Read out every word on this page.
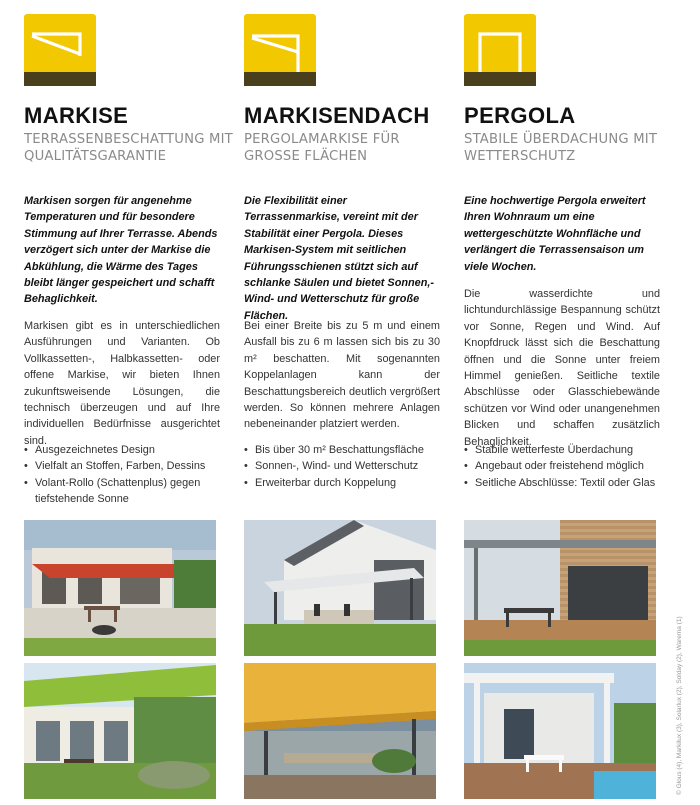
MARKISE
TERRASSENBESCHATTUNG MIT QUALITÄTSGARANTIE

Markisen sorgen für angenehme Temperaturen und für besondere Stimmung auf Ihrer Terrasse. Abends verzögert sich unter der Markise die Abkühlung, die Wärme des Tages bleibt länger gespeichert und schafft Behaglichkeit.

Markisen gibt es in unterschiedlichen Ausführungen und Varianten. Ob Vollkassetten-, Halbkassetten- oder offene Markise, wir bieten Ihnen zukunftsweisende Lösungen, die technisch überzeugen und auf Ihre individuellen Bedürfnisse ausgerichtet sind.

• Ausgezeichnetes Design
• Vielfalt an Stoffen, Farben, Dessins
• Volant-Rollo (Schattenplus) gegen tiefstehende Sonne
MARKISENDACH
PERGOLAMARKISE FÜR GROSSE FLÄCHEN

Die Flexibilität einer Terrassenmarkise, vereint mit der Stabilität einer Pergola. Dieses Markisen-System mit seitlichen Führungsschienen stützt sich auf schlanke Säulen und bietet Sonnen,- Wind- und Wetterschutz für große Flächen.

Bei einer Breite bis zu 5 m und einem Ausfall bis zu 6 m lassen sich bis zu 30 m² beschatten. Mit sogenannten Koppelanlagen kann der Beschattungsbereich deutlich vergrößert werden. So können mehrere Anlagen nebeneinander platziert werden.

• Bis über 30 m² Beschattungsfläche
• Sonnen-, Wind- und Wetterschutz
• Erweiterbar durch Koppelung
PERGOLA
STABILE ÜBERDACHUNG MIT WETTERSCHUTZ

Eine hochwertige Pergola erweitert Ihren Wohnraum um eine wettergeschützte Wohnfläche und verlängert die Terrassensaison um viele Wochen.

Die wasserdichte und lichtundurchlässige Bespannung schützt vor Sonne, Regen und Wind. Auf Knopfdruck lässt sich die Beschattung öffnen und die Sonne unter freiem Himmel genießen. Seitliche textile Abschlüsse oder Glasschiebewände schützen vor Wind oder unangenehmen Blicken und schaffen zusätzlich Behaglichkeit.

• Stabile wetterfeste Überdachung
• Angebaut oder freistehend möglich
• Seitliche Abschlüsse: Textil oder Glas
© Glous (4), Markilux (3), Solarlux (2), Solday (2), Warema (1)
